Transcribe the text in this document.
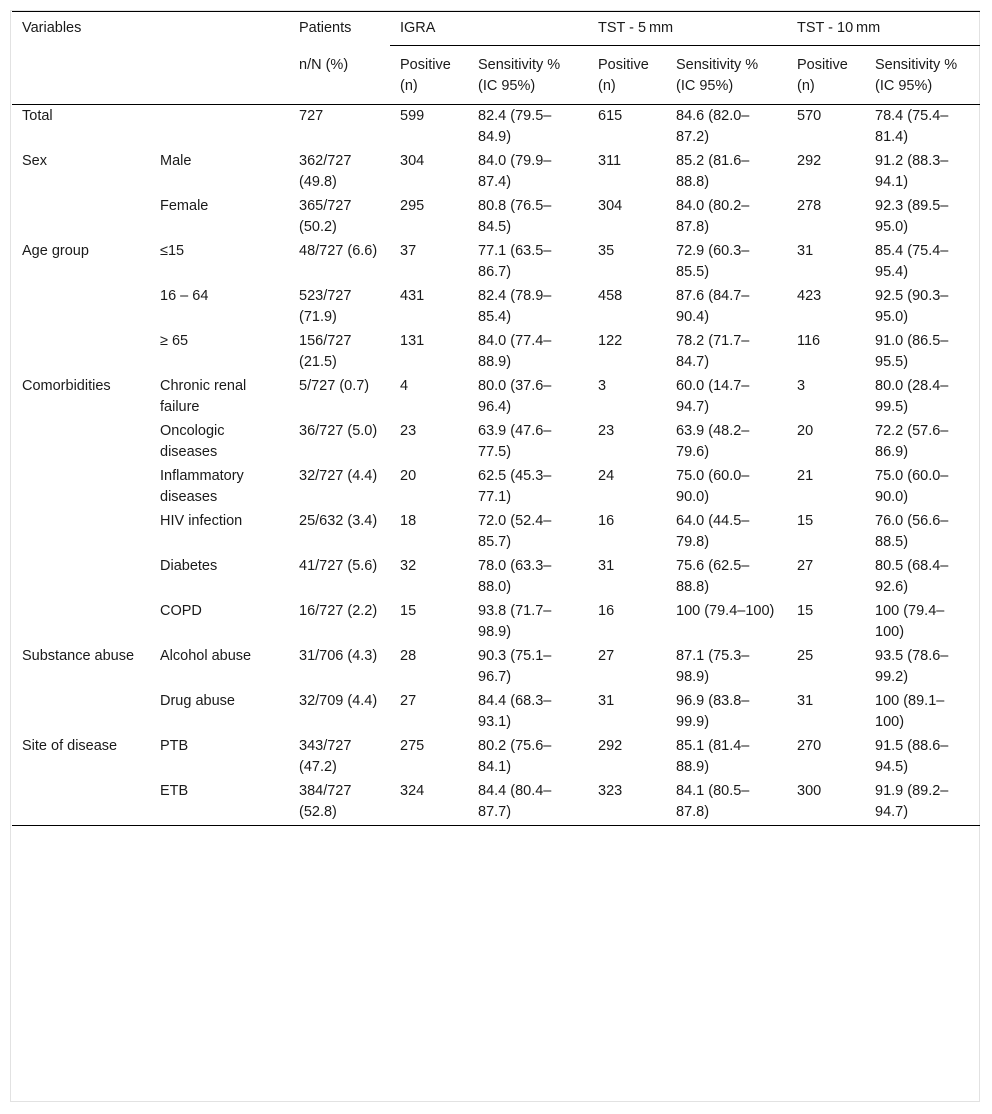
Variables		Patients	IGRA		TST - 5 mm		TST - 10 mm	
		n/N (%)	Positive (n)	Sensitivity % (IC 95%)	Positive (n)	Sensitivity % (IC 95%)	Positive (n)	Sensitivity % (IC 95%)
Total		727	599	82.4 (79.5–84.9)	615	84.6 (82.0–87.2)	570	78.4 (75.4–81.4)
Sex	Male	362/727 (49.8)	304	84.0 (79.9–87.4)	311	85.2 (81.6–88.8)	292	91.2 (88.3–94.1)
	Female	365/727 (50.2)	295	80.8 (76.5–84.5)	304	84.0 (80.2–87.8)	278	92.3 (89.5–95.0)
Age group	≤15	48/727 (6.6)	37	77.1 (63.5–86.7)	35	72.9 (60.3–85.5)	31	85.4 (75.4–95.4)
	16 – 64	523/727 (71.9)	431	82.4 (78.9–85.4)	458	87.6 (84.7–90.4)	423	92.5 (90.3–95.0)
	≥ 65	156/727 (21.5)	131	84.0 (77.4–88.9)	122	78.2 (71.7–84.7)	116	91.0 (86.5–95.5)
Comorbidities	Chronic renal failure	5/727 (0.7)	4	80.0 (37.6–96.4)	3	60.0 (14.7–94.7)	3	80.0 (28.4–99.5)
	Oncologic diseases	36/727 (5.0)	23	63.9 (47.6–77.5)	23	63.9 (48.2–79.6)	20	72.2 (57.6–86.9)
	Inflammatory diseases	32/727 (4.4)	20	62.5 (45.3–77.1)	24	75.0 (60.0–90.0)	21	75.0 (60.0–90.0)
	HIV infection	25/632 (3.4)	18	72.0 (52.4–85.7)	16	64.0 (44.5–79.8)	15	76.0 (56.6–88.5)
	Diabetes	41/727 (5.6)	32	78.0 (63.3–88.0)	31	75.6 (62.5–88.8)	27	80.5 (68.4–92.6)
	COPD	16/727 (2.2)	15	93.8 (71.7–98.9)	16	100 (79.4–100)	15	100 (79.4–100)
Substance abuse	Alcohol abuse	31/706 (4.3)	28	90.3 (75.1–96.7)	27	87.1 (75.3–98.9)	25	93.5 (78.6–99.2)
	Drug abuse	32/709 (4.4)	27	84.4 (68.3–93.1)	31	96.9 (83.8–99.9)	31	100 (89.1–100)
Site of disease	PTB	343/727 (47.2)	275	80.2 (75.6–84.1)	292	85.1 (81.4–88.9)	270	91.5 (88.6–94.5)
	ETB	384/727 (52.8)	324	84.4 (80.4–87.7)	323	84.1 (80.5–87.8)	300	91.9 (89.2–94.7)
